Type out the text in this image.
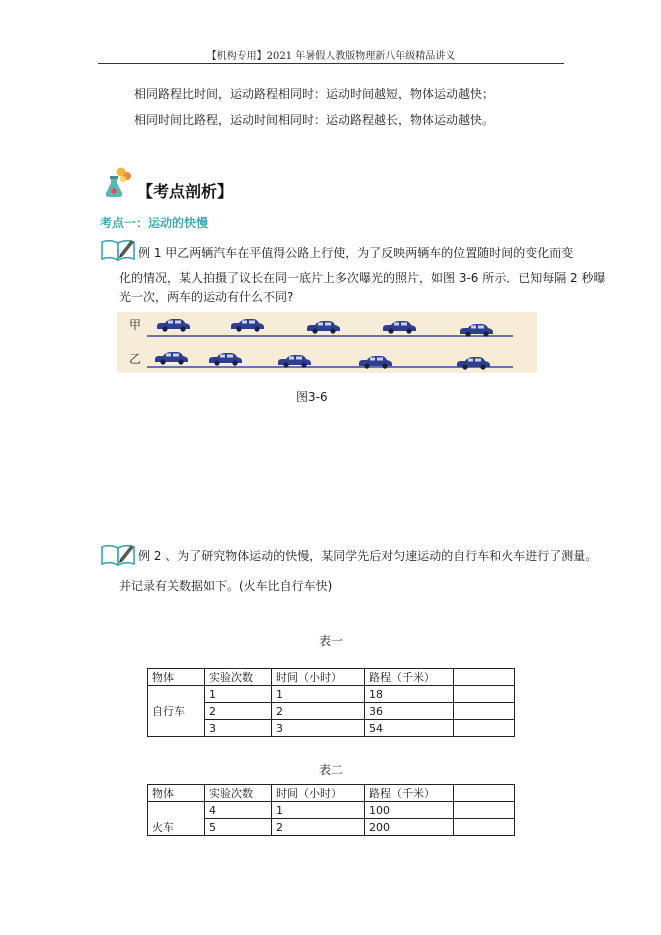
【机构专用】2021 年暑假人教版物理新八年级精品讲义
相同路程比时间，运动路程相同时：运动时间越短，物体运动越快；
相同时间比路程，运动时间相同时：运动路程越长，物体运动越快。
【考点剖析】
考点一：运动的快慢
例 1 甲乙两辆汽车在平值得公路上行使，为了反映两辆车的位置随时间的变化而变
化的情况，某人拍摄了议长在同一底片上多次曝光的照片，如图 3-6 所示．已知每隔 2 秒曝
光一次，两车的运动有什么不同?
甲
乙
图3-6
例 2 、为了研究物体运动的快慢，某同学先后对匀速运动的自行车和火车进行了测量。
并记录有关数据如下。(火车比自行车快)
表一
物体	实验次数	时间（小时）	路程（千米）	
自行车	1	1	18	
	2	2	36	
	3	3	54	
表二
物体	实验次数	时间（小时）	路程（千米）	
火车	4	1	100	
	5	2	200	
